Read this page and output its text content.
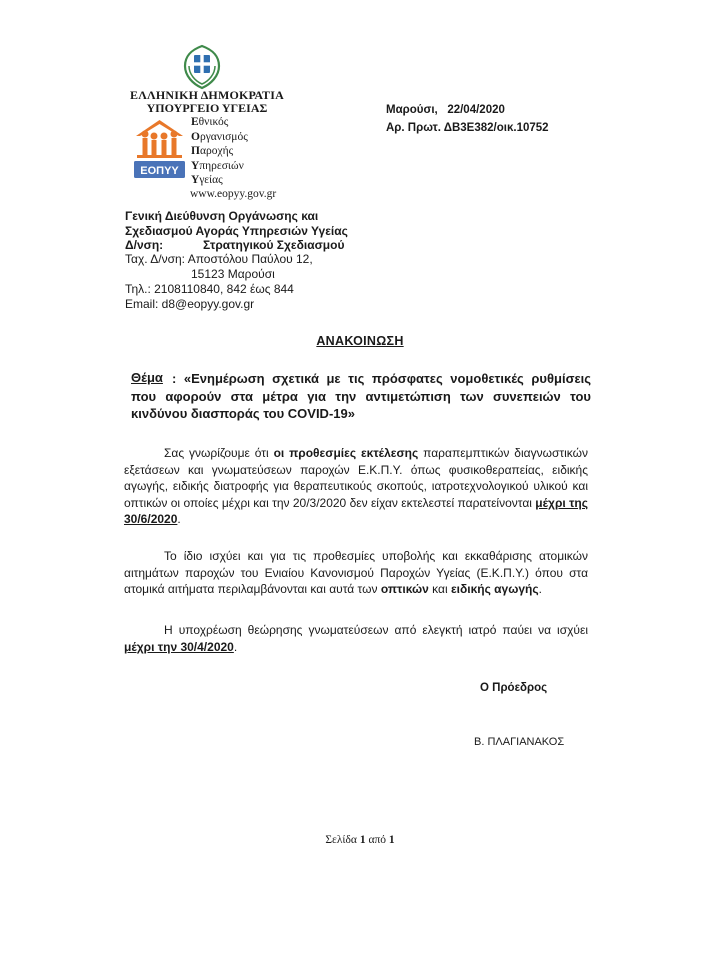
ΕΛΛΗΝΙΚΗ ΔΗΜΟΚΡΑΤΙΑ
ΥΠΟΥΡΓΕΙΟ ΥΓΕΙΑΣ
ΕΟΠΥΥ
Εθνικός
Οργανισμός
Παροχής
Υπηρεσιών
Υγείας
www.eopyy.gov.gr
Μαρούσι,   22/04/2020
Αρ. Πρωτ. ΔΒ3Ε382/οικ.10752
Γενική Διεύθυνση Οργάνωσης και
Σχεδιασμού Αγοράς Υπηρεσιών Υγείας
Δ/νση:	Στρατηγικού Σχεδιασμού
Ταχ. Δ/νση: Αποστόλου Παύλου 12,
15123 Μαρούσι
Τηλ.: 2108110840, 842 έως 844
Email: d8@eopyy.gov.gr
ΑΝΑΚΟΙΝΩΣΗ
Θέμα : «Ενημέρωση σχετικά με τις πρόσφατες νομοθετικές ρυθμίσεις που αφορούν στα μέτρα για την αντιμετώπιση των συνεπειών του κινδύνου διασποράς του COVID-19»
Σας γνωρίζουμε ότι οι προθεσμίες εκτέλεσης παραπεμπτικών διαγνωστικών εξετάσεων και γνωματεύσεων παροχών Ε.Κ.Π.Υ. όπως φυσικοθεραπείας, ειδικής αγωγής, ειδικής διατροφής για θεραπευτικούς σκοπούς, ιατροτεχνολογικού υλικού και οπτικών οι οποίες μέχρι και την 20/3/2020 δεν είχαν εκτελεστεί παρατείνονται μέχρι της 30/6/2020.
Το ίδιο ισχύει και για τις προθεσμίες υποβολής και εκκαθάρισης ατομικών αιτημάτων παροχών του Ενιαίου Κανονισμού Παροχών Υγείας (Ε.Κ.Π.Υ.) όπου στα ατομικά αιτήματα περιλαμβάνονται και αυτά των οπτικών και ειδικής αγωγής.
Η υποχρέωση θεώρησης γνωματεύσεων από ελεγκτή ιατρό παύει να ισχύει μέχρι την 30/4/2020.
Ο Πρόεδρος
Β. ΠΛΑΓΙΑΝΑΚΟΣ
Σελίδα 1 από 1
